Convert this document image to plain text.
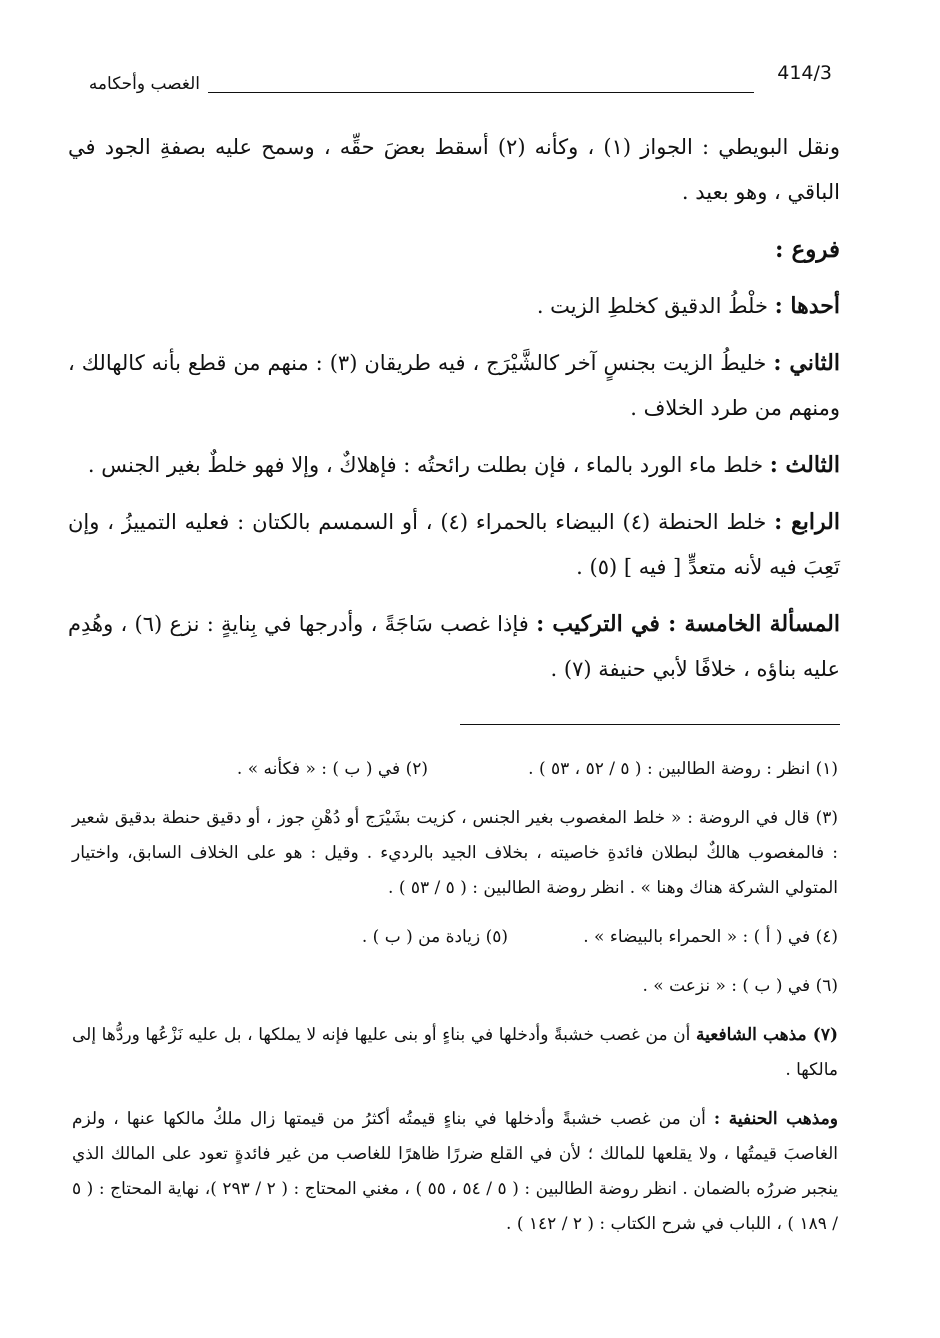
414/3
الغصب وأحكامه

ونقل البويطي : الجواز (١) ، وكأنه (٢) أسقط بعضَ حقِّه ، وسمح عليه بصفةِ الجود في الباقي ، وهو بعيد .

فروع :

أحدها : خلْطُ الدقيق كخلطِ الزيت .

الثاني : خليطُ الزيت بجنسٍ آخر كالشَّيْرَج ، فيه طريقان (٣) : منهم من قطع بأنه كالهالك ، ومنهم من طرد الخلاف .

الثالث : خلط ماء الورد بالماء ، فإن بطلت رائحتُه : فإهلاكٌ ، وإلا فهو خلطٌ بغير الجنس .

الرابع : خلط الحنطة (٤) البيضاء بالحمراء (٤) ، أو السمسم بالكتان : فعليه التمييزُ ، وإن تَعِبَ فيه لأنه متعدٍّ [ فيه ] (٥) .

المسألة الخامسة : في التركيب : فإذا غصب سَاجَةً ، وأدرجها في بِنايةٍ : نزع (٦) ، وهُدِم عليه بناؤه ، خلافًا لأبي حنيفة (٧) .

(١) انظر : روضة الطالبين : ( ٥ / ٥٢ ، ٥٣ ) .
(٢) في ( ب ) : « فكأنه » .

(٣) قال في الروضة : « خلط المغصوب بغير الجنس ، كزيت بشَيْرَج أو دُهْنِ جوز ، أو دقيق حنطة بدقيق شعير : فالمغصوب هالكٌ لبطلان فائدةِ خاصيته ، بخلاف الجيد بالرديء . وقيل : هو على الخلاف السابق، واختيار المتولي الشركة هناك وهنا » . انظر روضة الطالبين : ( ٥ / ٥٣ ) .

(٤) في ( أ ) : « الحمراء بالبيضاء » .
(٥) زيادة من ( ب ) .

(٦) في ( ب ) : « نزعت » .

(٧) مذهب الشافعية أن من غصب خشبةً وأدخلها في بناءٍ أو بنى عليها فإنه لا يملكها ، بل عليه نَزْعُها وردُّها إلى مالكها .

ومذهب الحنفية : أن من غصب خشبةً وأدخلها في بناءٍ قيمتُه أكثرُ من قيمتها زال ملكُ مالكها عنها ، ولزم الغاصبَ قيمتُها ، ولا يقلعها للمالك ؛ لأن في القلع ضررًا ظاهرًا للغاصب من غير فائدةٍ تعود على المالك الذي ينجبر ضررُه بالضمان . انظر روضة الطالبين : ( ٥ / ٥٤ ، ٥٥ ) ، مغني المحتاج : ( ٢ / ٢٩٣ )، نهاية المحتاج : ( ٥ / ١٨٩ ) ، اللباب في شرح الكتاب : ( ٢ / ١٤٢ ) .
